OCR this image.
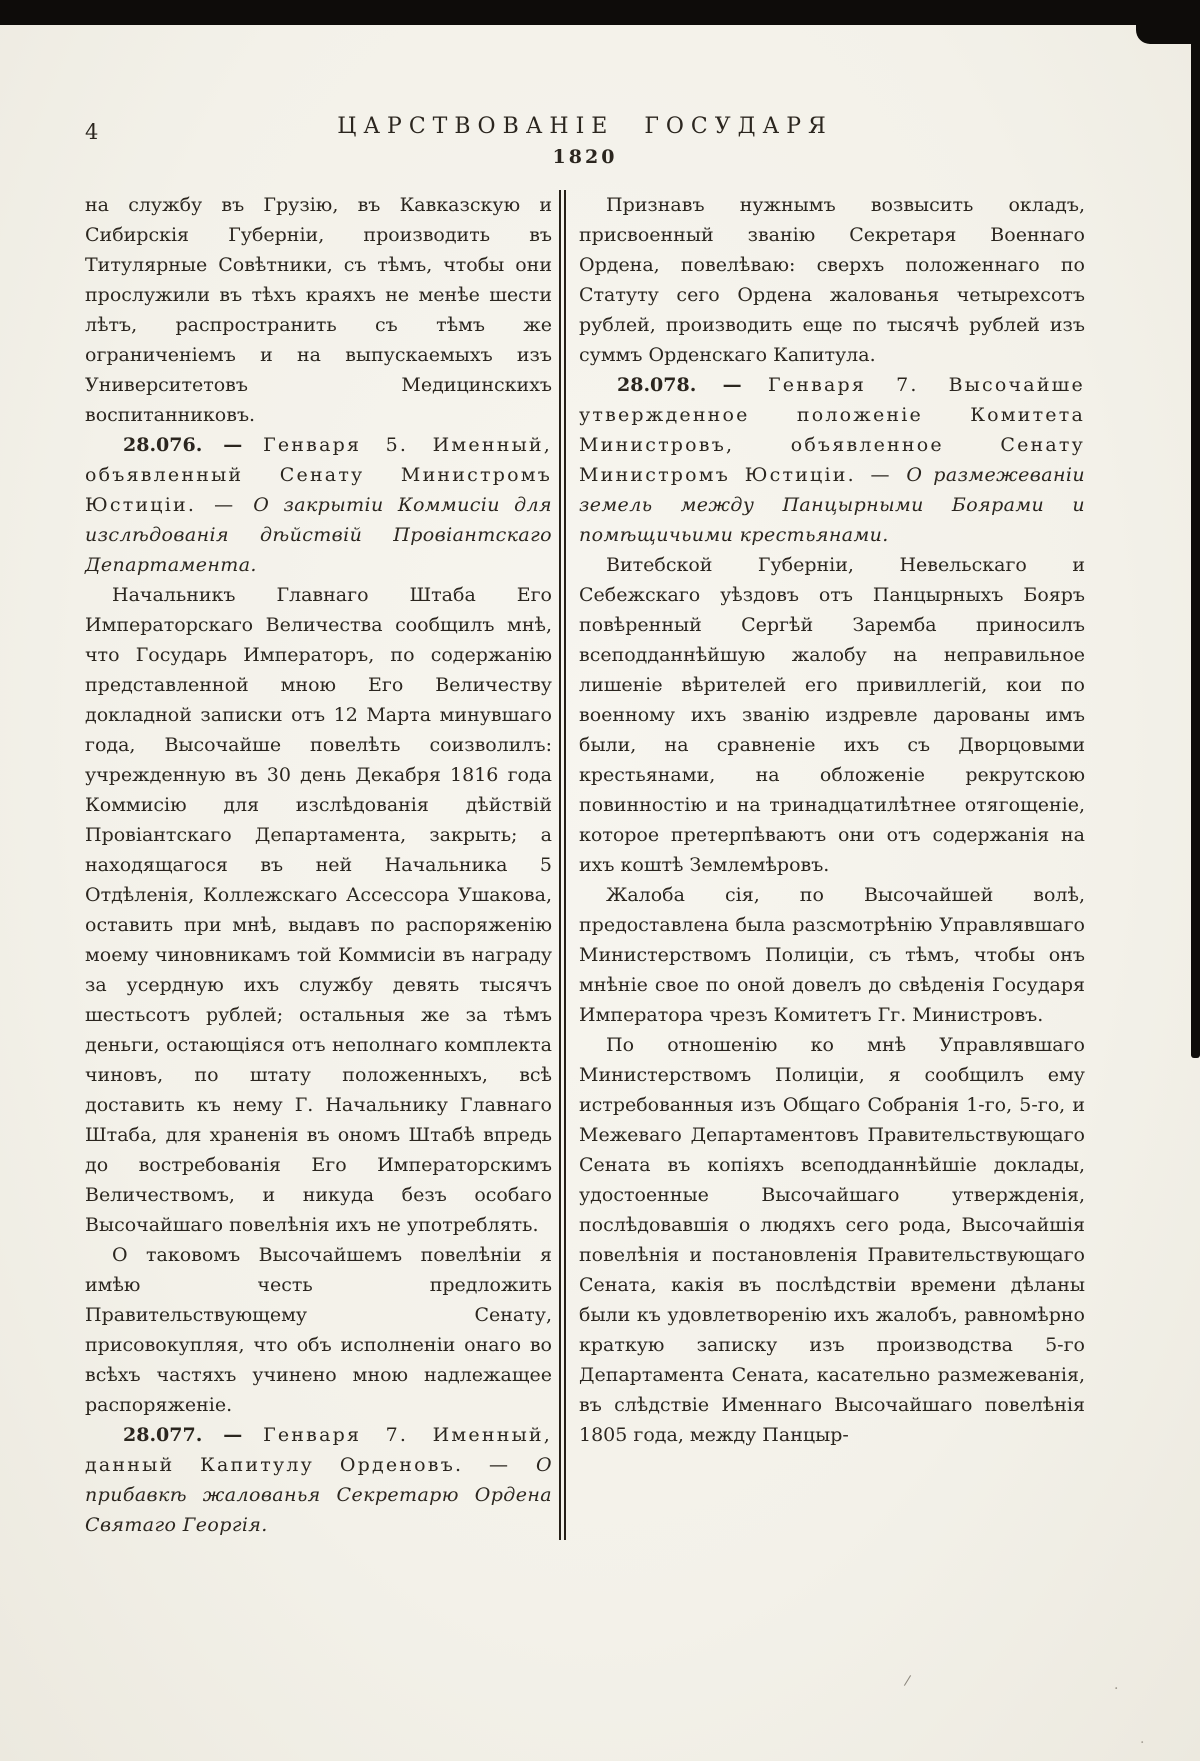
4	ЦАРСТВОВАНІЕ ГОСУДАРЯ
1820

на службу въ Грузію, въ Кавказскую и Сибирскія Губерніи, производить въ Титулярные Совѣтники, съ тѣмъ, чтобы они прослужили въ тѣхъ краяхъ не менѣе шести лѣтъ, распространить съ тѣмъ же ограниченіемъ и на выпускаемыхъ изъ Университетовъ Медицинскихъ воспитанниковъ.

28.076. — Генваря 5. Именный, объявленный Сенату Министромъ Юстиціи. — О закрытіи Коммисіи для изслѣдованія дѣйствій Провіантскаго Департамента.

Начальникъ Главнаго Штаба Его Императорскаго Величества сообщилъ мнѣ, что Государь Императоръ, по содержанію представленной мною Его Величеству докладной записки отъ 12 Марта минувшаго года, Высочайше повелѣть соизволилъ: учрежденную въ 30 день Декабря 1816 года Коммисію для изслѣдованія дѣйствій Провіантскаго Департамента, закрыть; а находящагося въ ней Начальника 5 Отдѣленія, Коллежскаго Ассессора Ушакова, оставить при мнѣ, выдавъ по распоряженію моему чиновникамъ той Коммисіи въ награду за усердную ихъ службу девять тысячъ шестьсотъ рублей; остальныя же за тѣмъ деньги, остающіяся отъ неполнаго комплекта чиновъ, по штату положенныхъ, всѣ доставить къ нему Г. Начальнику Главнаго Штаба, для храненія въ ономъ Штабѣ впредь до востребованія Его Императорскимъ Величествомъ, и никуда безъ особаго Высочайшаго повелѣнія ихъ не употреблять.

О таковомъ Высочайшемъ повелѣніи я имѣю честь предложить Правительствующему Сенату, присовокупляя, что объ исполненіи онаго во всѣхъ частяхъ учинено мною надлежащее распоряженіе.

28.077. — Генваря 7. Именный, данный Капитулу Орденовъ. — О прибавкѣ жалованья Секретарю Ордена Святаго Георгія.

Признавъ нужнымъ возвысить окладъ, присвоенный званію Секретаря Военнаго Ордена, повелѣваю: сверхъ положеннаго по Статуту сего Ордена жалованья четырехсотъ рублей, производить еще по тысячѣ рублей изъ суммъ Орденскаго Капитула.

28.078. — Генваря 7. Высочайше утвержденное положеніе Комитета Министровъ, объявленное Сенату Министромъ Юстиціи. — О размежеваніи земель между Панцырными Боярами и помѣщичьими крестьянами.

Витебской Губерніи, Невельскаго и Себежскаго уѣздовъ отъ Панцырныхъ Бояръ повѣренный Сергѣй Заремба приносилъ всеподданнѣйшую жалобу на неправильное лишеніе вѣрителей его привиллегій, кои по военному ихъ званію издревле дарованы имъ были, на сравненіе ихъ съ Дворцовыми крестьянами, на обложеніе рекрутскою повинностію и на тринадцатилѣтнее отягощеніе, которое претерпѣваютъ они отъ содержанія на ихъ коштѣ Землемѣровъ.

Жалоба сія, по Высочайшей волѣ, предоставлена была разсмотрѣнію Управлявшаго Министерствомъ Полиціи, съ тѣмъ, чтобы онъ мнѣніе свое по оной довелъ до свѣденія Государя Императора чрезъ Комитетъ Гг. Министровъ.

По отношенію ко мнѣ Управлявшаго Министерствомъ Полиціи, я сообщилъ ему истребованныя изъ Общаго Собранія 1-го, 5-го, и Межеваго Департаментовъ Правительствующаго Сената въ копіяхъ всеподданнѣйшіе доклады, удостоенные Высочайшаго утвержденія, послѣдовавшія о людяхъ сего рода, Высочайшія повелѣнія и постановленія Правительствующаго Сената, какія въ послѣдствіи времени дѣланы были къ удовлетворенію ихъ жалобъ, равномѣрно краткую записку изъ производства 5-го Департамента Сената, касательно размежеванія, въ слѣдствіе Именнаго Высочайшаго повелѣнія 1805 года, между Панцыр-

/	·
·
